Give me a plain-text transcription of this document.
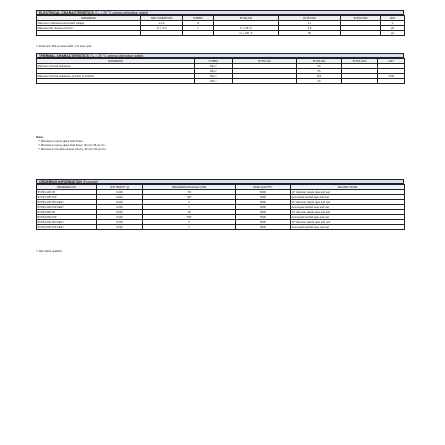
ELECTRICAL CHARACTERISTICS (Tₐ = 25 °C unless otherwise noted)
PARAMETER	TEST CONDITIONS	SYMBOL	BYX54-100	BYX54-600	BYX54-1000	UNIT
Maximum instantaneous forward voltage	1.0 A	Vᶠ		1.1		V
Maximum DC reverse current⁽¹⁾	Vᵣ = Vᵣᵣᴹ	Iᵣ	Tₐ = 25 °C	5.0		µA
			Tₐ = 100 °C	50		µA
⁽¹⁾ Pulse test: 300 µs pulse width, 1 % duty cycle
THERMAL CHARACTERISTICS (Tₐ = 25 °C unless otherwise noted)
PARAMETER	SYMBOL	BYX54-100	BYX54-600	BYX54-1000	UNIT
Maximum thermal resistance	Rθⱼₐ⁽¹⁾		50		
	Rθⱼₐ⁽²⁾		65		
Maximum thermal resistance, junction to ambient	Rθⱼₐ⁽³⁾		120		°C/W
	Rθⱼₗ⁽⁴⁾		20		
Notes
⁽¹⁾ Mounted on epoxy-glass hard tissue
⁽²⁾ Mounted on epoxy-glass hard tissue, 50 mm² 35 µm Cu
⁽³⁾ Mounted on Al-oxide-ceramic (Al₂O₃), 50 mm² 35 µm Cu
ORDERING INFORMATION (Example)
PREFERRED P/N	UNIT WEIGHT (g)	PREFERRED PACKAGE CODE	BASE QUANTITY	DELIVERY MODE
BYX54-100-TR	0.033	TR	5000	10" diameter plastic tape and reel
BYX54-100-TAP	0.033	TAP	5000	Ammopack fanfold tape and reel
BYX54-100-TR3 AE3⁽¹⁾	0.033	T	5000	10" diameter plastic tape and reel
BYX54-100-TAP AE3⁽¹⁾	0.033	T	5000	Ammopack fanfold tape and reel
BYX54-600-TR	0.033	TR	5000	10" diameter plastic tape and reel
BYX54-600-TAP	0.033	TAP	5000	Ammopack fanfold tape and reel
BYX54-600-TR3 AE3⁽¹⁾	0.033	T	5000	10" diameter plastic tape and reel
BYX54-600-TAP AE3⁽¹⁾	0.033	T	5000	Ammopack fanfold tape and reel
⁽¹⁾ AEC-Q101 qualified
